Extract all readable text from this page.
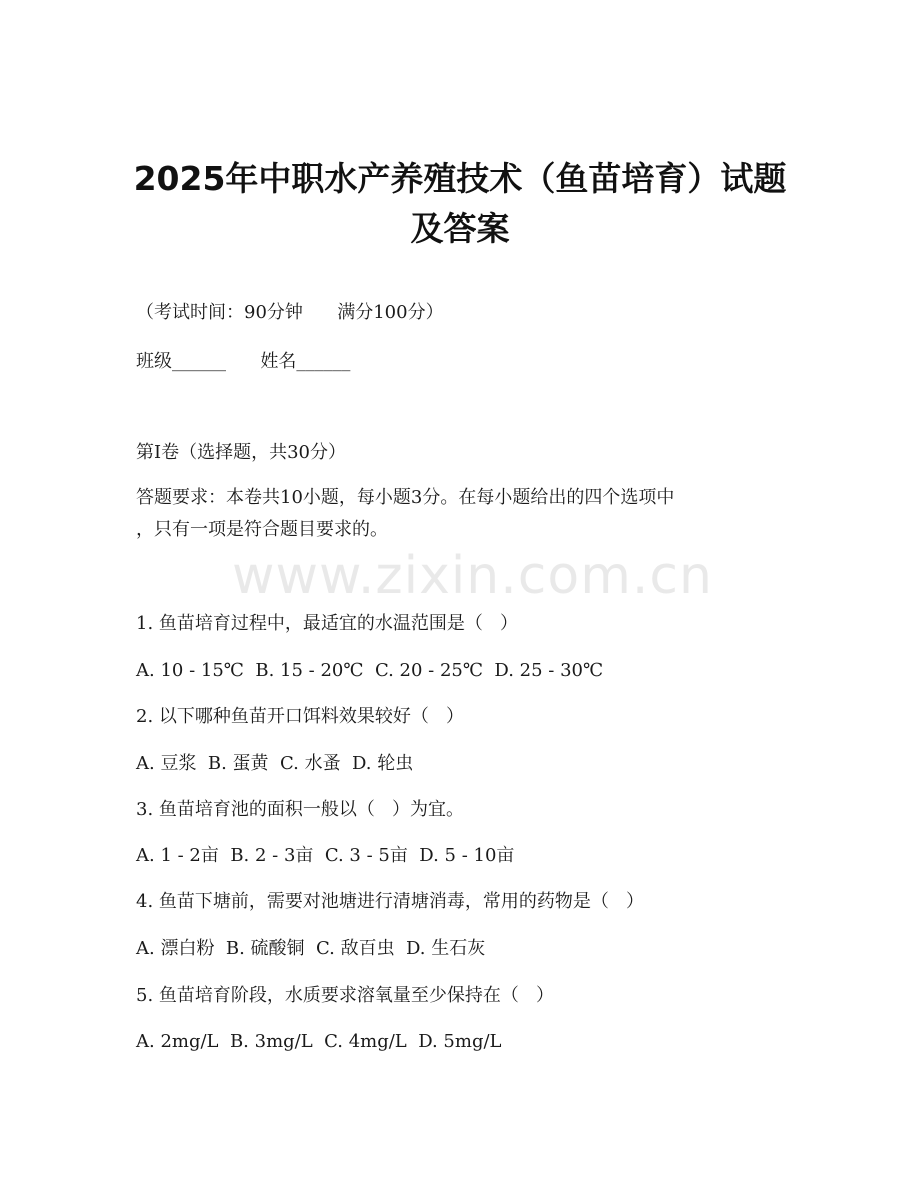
2025年中职水产养殖技术（鱼苗培育）试题
及答案

（考试时间：90分钟      满分100分）

班级______      姓名______

第I卷（选择题，共30分）

答题要求：本卷共10小题，每小题3分。在每小题给出的四个选项中

，只有一项是符合题目要求的。

www.zixin.com.cn

1. 鱼苗培育过程中，最适宜的水温范围是（   ）

A. 10 - 15℃  B. 15 - 20℃  C. 20 - 25℃  D. 25 - 30℃

2. 以下哪种鱼苗开口饵料效果较好（   ）

A. 豆浆  B. 蛋黄  C. 水蚤  D. 轮虫

3. 鱼苗培育池的面积一般以（   ）为宜。

A. 1 - 2亩  B. 2 - 3亩  C. 3 - 5亩  D. 5 - 10亩

4. 鱼苗下塘前，需要对池塘进行清塘消毒，常用的药物是（   ）

A. 漂白粉  B. 硫酸铜  C. 敌百虫  D. 生石灰

5. 鱼苗培育阶段，水质要求溶氧量至少保持在（   ）

A. 2mg/L  B. 3mg/L  C. 4mg/L  D. 5mg/L
